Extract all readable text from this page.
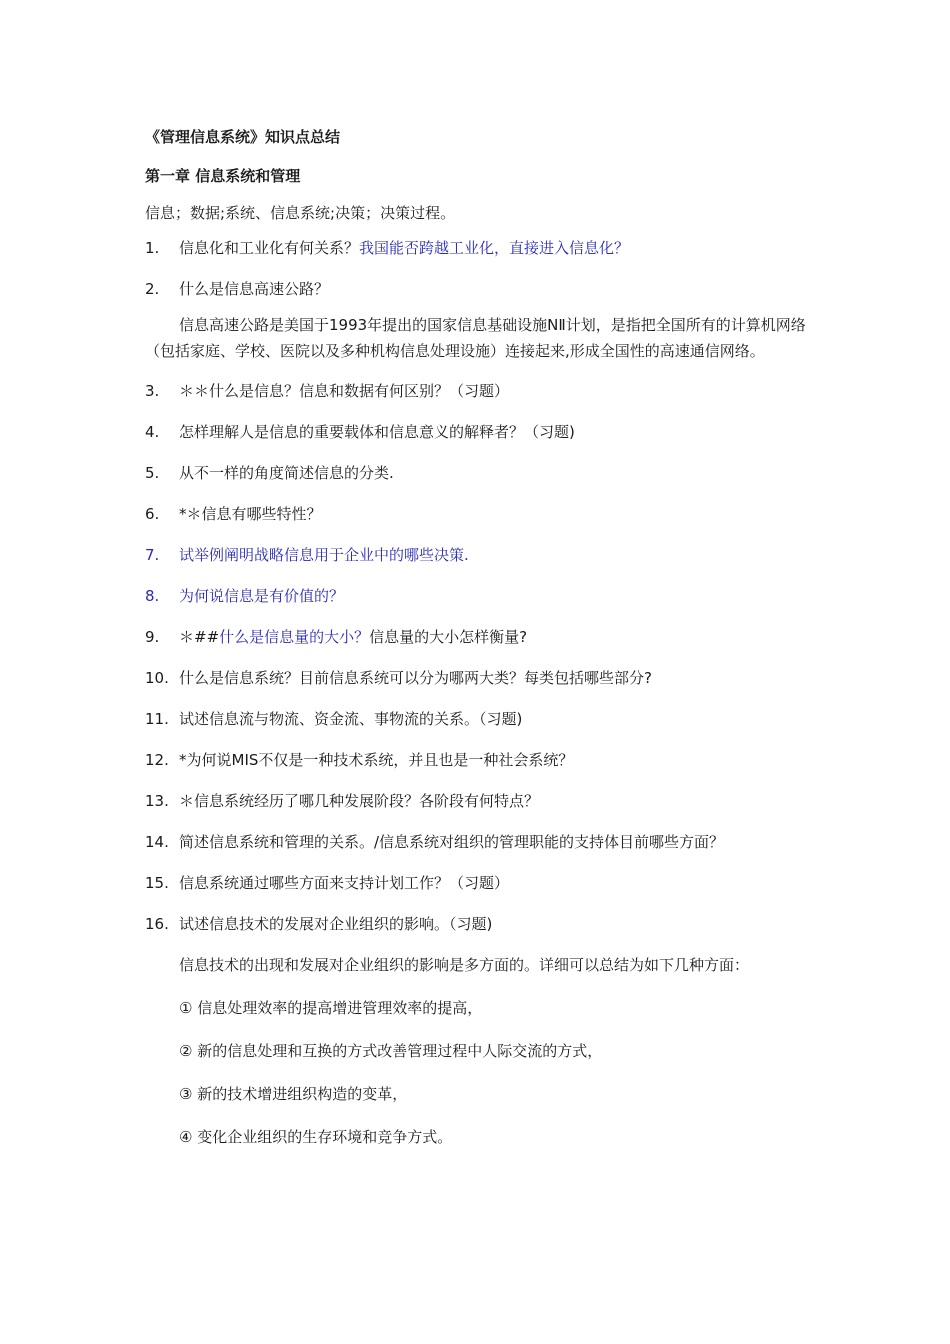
《管理信息系统》知识点总结
第一章 信息系统和管理
信息；数据;系统、信息系统;决策；决策过程。
1.	信息化和工业化有何关系？ 我国能否跨越工业化，直接进入信息化？
2.	什么是信息高速公路？
信息高速公路是美国于1993年提出的国家信息基础设施NⅡ计划，是指把全国所有的计算机网络（包括家庭、学校、医院以及多种机构信息处理设施）连接起来,形成全国性的高速通信网络。
3.	＊＊什么是信息？信息和数据有何区别？（习题）
4.	怎样理解人是信息的重要载体和信息意义的解释者？（习题)
5.	从不一样的角度简述信息的分类.
6.	*＊信息有哪些特性？
7.	试举例阐明战略信息用于企业中的哪些决策.
8.	为何说信息是有价值的？
9.	＊## 什么是信息量的大小？ 信息量的大小怎样衡量?
10. 什么是信息系统？目前信息系统可以分为哪两大类？每类包括哪些部分?
11. 试述信息流与物流、资金流、事物流的关系。（习题)
12. *为何说MIS不仅是一种技术系统，并且也是一种社会系统？
13. ＊信息系统经历了哪几种发展阶段？各阶段有何特点？
14. 简述信息系统和管理的关系。/信息系统对组织的管理职能的支持体目前哪些方面？
15. 信息系统通过哪些方面来支持计划工作？（习题）
16. 试述信息技术的发展对企业组织的影响。（习题)
信息技术的出现和发展对企业组织的影响是多方面的。详细可以总结为如下几种方面：
① 信息处理效率的提高增进管理效率的提高，
② 新的信息处理和互换的方式改善管理过程中人际交流的方式，
③ 新的技术增进组织构造的变革，
④ 变化企业组织的生存环境和竞争方式。
